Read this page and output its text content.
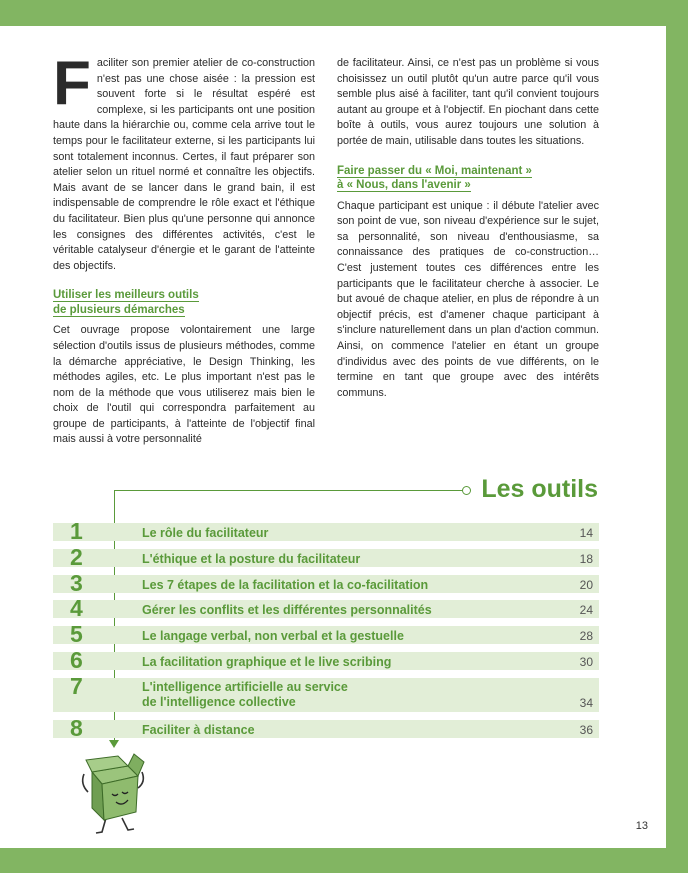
Faciliter son premier atelier de co-construction n'est pas une chose aisée : la pression est souvent forte si le résultat espéré est complexe, si les participants ont une position haute dans la hiérarchie ou, comme cela arrive tout le temps pour le facilitateur externe, si les participants lui sont totalement inconnus. Certes, il faut préparer son atelier selon un rituel normé et connaître les objectifs. Mais avant de se lancer dans le grand bain, il est indispensable de comprendre le rôle exact et l'éthique du facilitateur. Bien plus qu'une personne qui annonce les consignes des différentes activités, c'est le véritable catalyseur d'énergie et le garant de l'atteinte des objectifs.

Utiliser les meilleurs outils
de plusieurs démarches

Cet ouvrage propose volontairement une large sélection d'outils issus de plusieurs méthodes, comme la démarche appréciative, le Design Thinking, les méthodes agiles, etc. Le plus important n'est pas le nom de la méthode que vous utiliserez mais bien le choix de l'outil qui correspondra parfaitement au groupe de participants, à l'atteinte de l'objectif final mais aussi à votre personnalité

de facilitateur. Ainsi, ce n'est pas un problème si vous choisissez un outil plutôt qu'un autre parce qu'il vous semble plus aisé à faciliter, tant qu'il convient toujours autant au groupe et à l'objectif. En piochant dans cette boîte à outils, vous aurez toujours une solution à portée de main, utilisable dans toutes les situations.

Faire passer du « Moi, maintenant »
à « Nous, dans l'avenir »

Chaque participant est unique : il débute l'atelier avec son point de vue, son niveau d'expérience sur le sujet, sa personnalité, son niveau d'enthousiasme, sa connaissance des pratiques de co-construction… C'est justement toutes ces différences entre les participants que le facilitateur cherche à associer. Le but avoué de chaque atelier, en plus de répondre à un objectif précis, est d'amener chaque participant à s'inclure naturellement dans un plan d'action commun. Ainsi, on commence l'atelier en étant un groupe d'individus avec des points de vue différents, on le termine en tant que groupe avec des intérêts communs.

Les outils
1	Le rôle du facilitateur	14
2	L'éthique et la posture du facilitateur	18
3	Les 7 étapes de la facilitation et la co-facilitation	20
4	Gérer les conflits et les différentes personnalités	24
5	Le langage verbal, non verbal et la gestuelle	28
6	La facilitation graphique et le live scribing	30
7	L'intelligence artificielle au service
de l'intelligence collective	34
8	Faciliter à distance	36
13
